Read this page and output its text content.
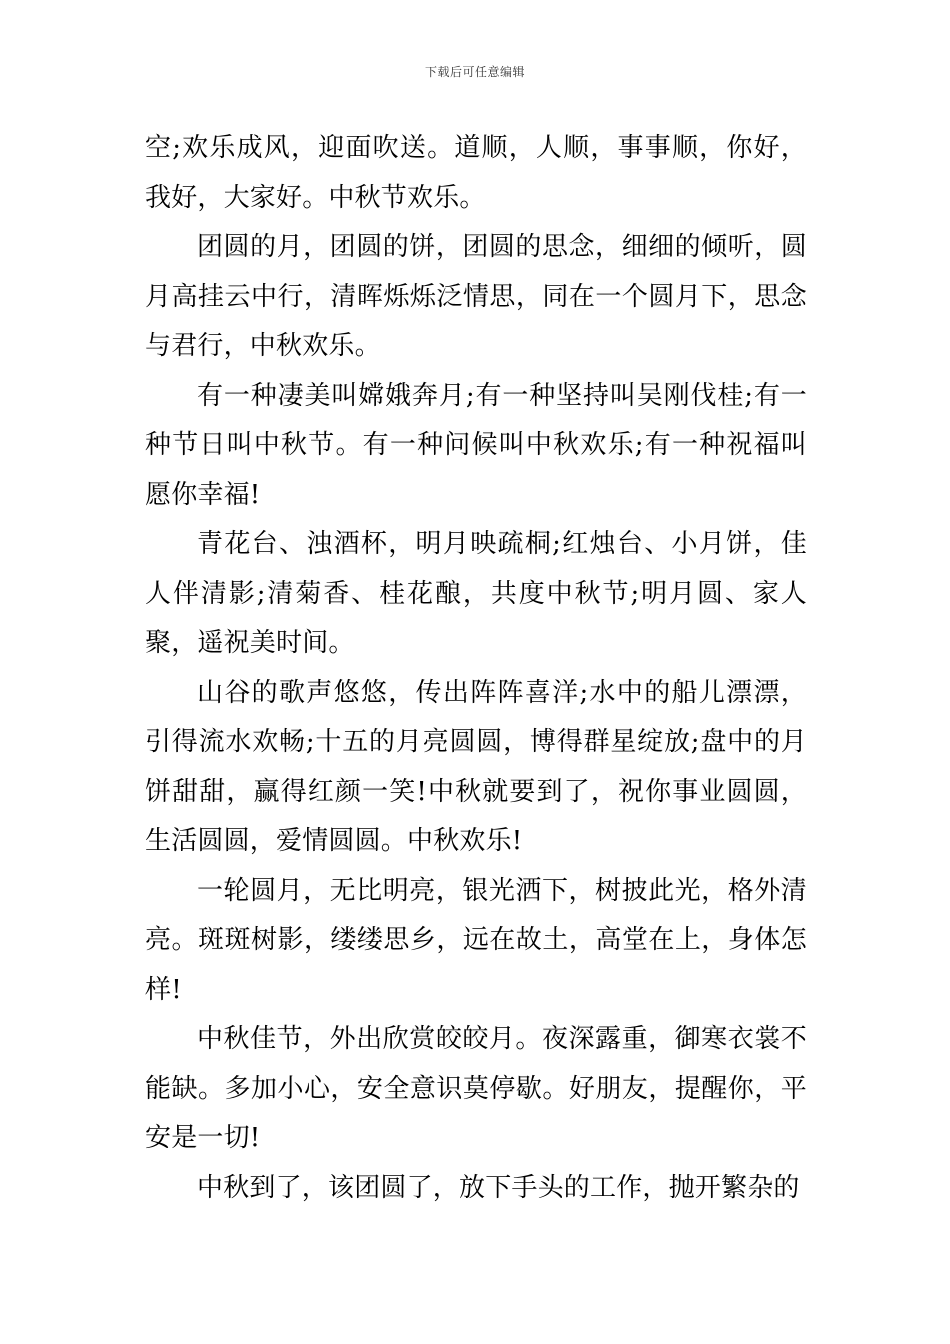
下载后可任意编辑

空;欢乐成风，迎面吹送。道顺，人顺，事事顺，你好，我好，大家好。中秋节欢乐。

团圆的月，团圆的饼，团圆的思念，细细的倾听，圆月高挂云中行，清晖烁烁泛情思，同在一个圆月下，思念与君行，中秋欢乐。

有一种凄美叫嫦娥奔月;有一种坚持叫吴刚伐桂;有一种节日叫中秋节。有一种问候叫中秋欢乐;有一种祝福叫愿你幸福!

青花台、浊酒杯，明月映疏桐;红烛台、小月饼，佳人伴清影;清菊香、桂花酿，共度中秋节;明月圆、家人聚，遥祝美时间。

山谷的歌声悠悠，传出阵阵喜洋;水中的船儿漂漂，引得流水欢畅;十五的月亮圆圆，博得群星绽放;盘中的月饼甜甜，赢得红颜一笑!中秋就要到了，祝你事业圆圆，生活圆圆，爱情圆圆。中秋欢乐!

一轮圆月，无比明亮，银光洒下，树披此光，格外清亮。斑斑树影，缕缕思乡，远在故土，高堂在上，身体怎样!

中秋佳节，外出欣赏皎皎月。夜深露重，御寒衣裳不能缺。多加小心，安全意识莫停歇。好朋友，提醒你，平安是一切!

中秋到了，该团圆了，放下手头的工作，抛开繁杂的
